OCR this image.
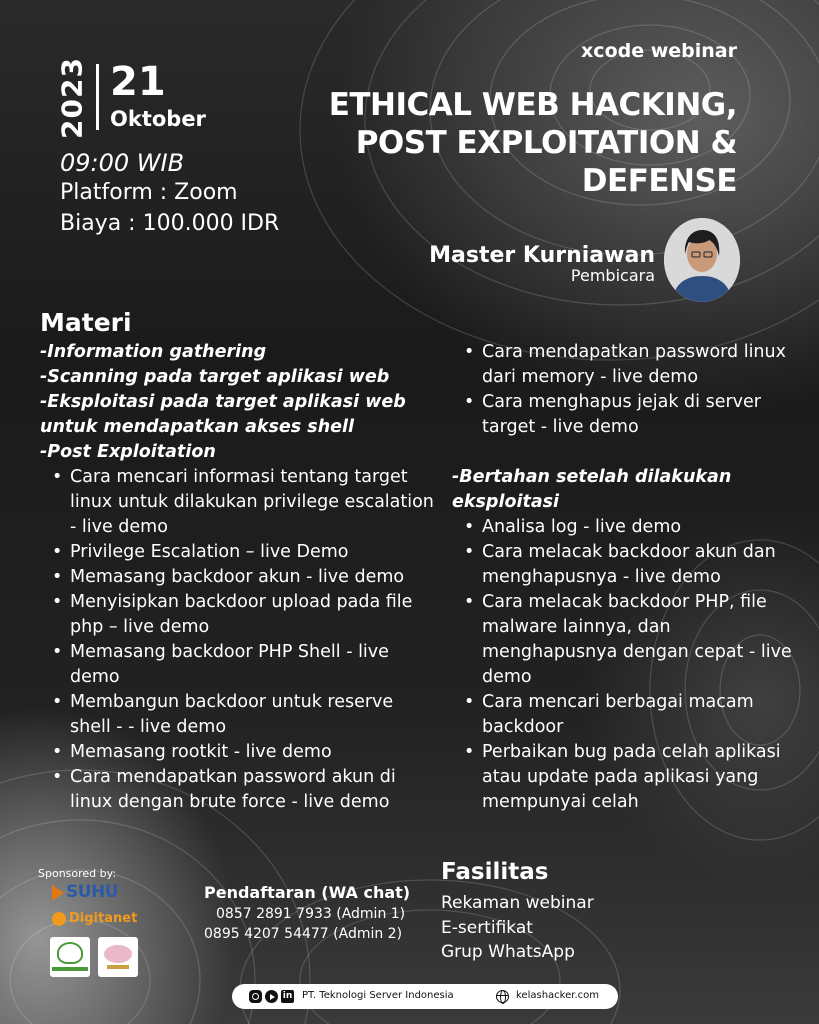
2023 21
Oktober
09:00 WIB
Platform : Zoom
Biaya : 100.000 IDR
xcode webinar
ETHICAL WEB HACKING,
POST EXPLOITATION &
DEFENSE
Master Kurniawan
Pembicara
Materi
-Information gathering
-Scanning pada target aplikasi web
-Eksploitasi pada target aplikasi web untuk mendapatkan akses shell
-Post Exploitation
• Cara mencari informasi tentang target linux untuk dilakukan privilege escalation - live demo
• Privilege Escalation – live Demo
• Memasang backdoor akun - live demo
• Menyisipkan backdoor upload pada file php – live demo
• Memasang backdoor PHP Shell - live demo
• Membangun backdoor untuk reserve shell - - live demo
• Memasang rootkit - live demo
• Cara mendapatkan password akun di linux dengan brute force - live demo
• Cara mendapatkan password linux dari memory - live demo
• Cara menghapus jejak di server target - live demo
-Bertahan setelah dilakukan eksploitasi
• Analisa log - live demo
• Cara melacak backdoor akun dan menghapusnya - live demo
• Cara melacak backdoor PHP, file malware lainnya, dan menghapusnya dengan cepat - live demo
• Cara mencari berbagai macam backdoor
• Perbaikan bug pada celah aplikasi atau update pada aplikasi yang mempunyai celah
Sponsored by:
SUHU
Digitanet
Pendaftaran (WA chat)
0857 2891 7933 (Admin 1)
0895 4207 54477 (Admin 2)
Fasilitas
Rekaman webinar
E-sertifikat
Grup WhatsApp
in PT. Teknologi Server Indonesia	kelashacker.com
